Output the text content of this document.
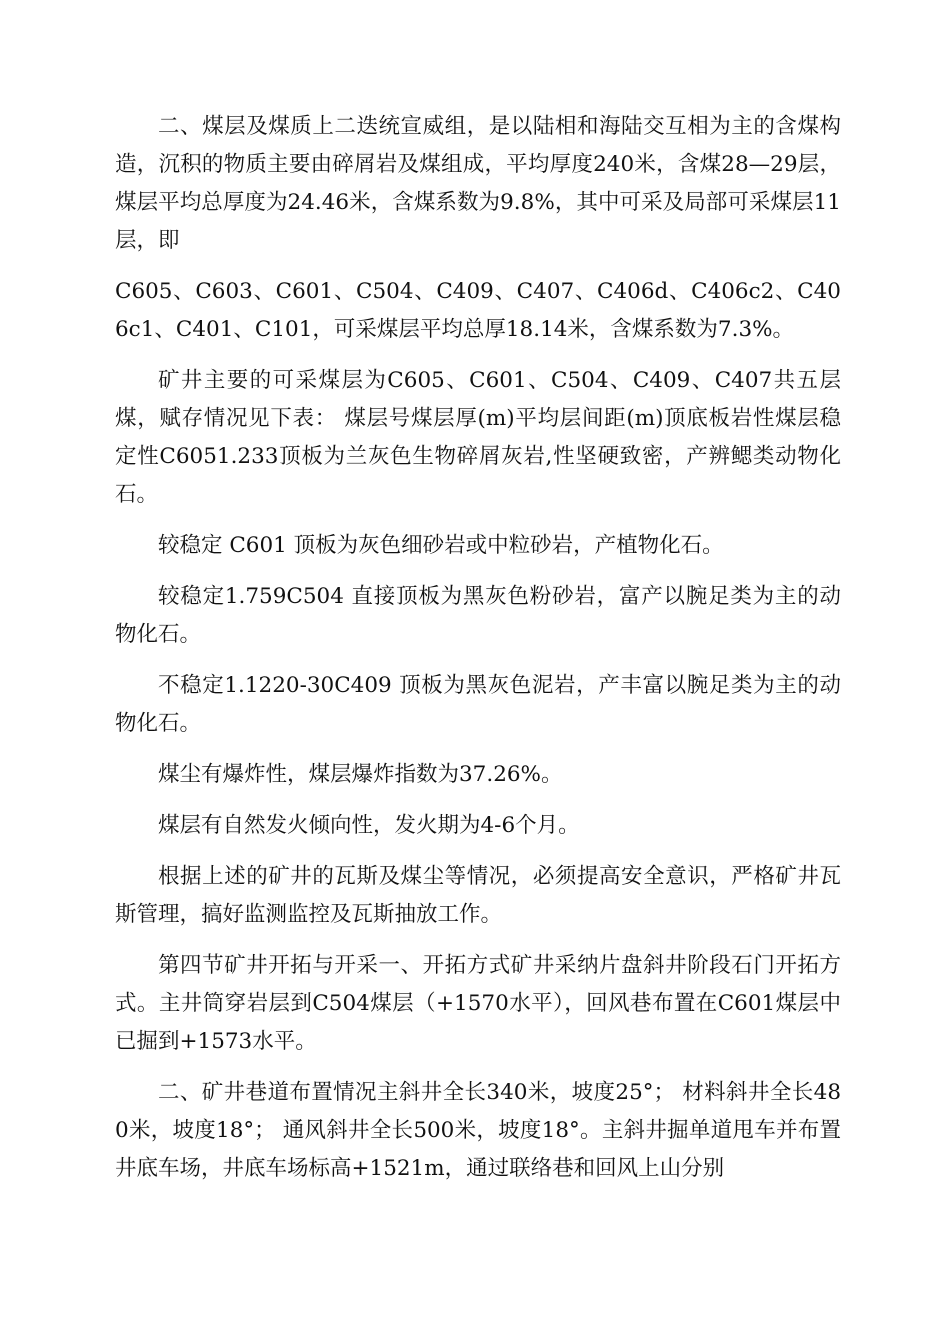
二、煤层及煤质上二迭统宣威组，是以陆相和海陆交互相为主的含煤构造，沉积的物质主要由碎屑岩及煤组成，平均厚度240米，含煤28—29层，煤层平均总厚度为24.46米，含煤系数为9.8%，其中可采及局部可采煤层11层，即

C605、C603、C601、C504、C409、C407、C406d、C406c2、C406c1、C401、C101，可采煤层平均总厚18.14米，含煤系数为7.3%。

矿井主要的可采煤层为C605、C601、C504、C409、C407共五层煤，赋存情况见下表： 煤层号煤层厚(m)平均层间距(m)顶底板岩性煤层稳定性C6051.233顶板为兰灰色生物碎屑灰岩,性坚硬致密，产辨鳃类动物化石。

较稳定 C601 顶板为灰色细砂岩或中粒砂岩，产植物化石。

较稳定1.759C504 直接顶板为黑灰色粉砂岩，富产以腕足类为主的动物化石。

不稳定1.1220-30C409 顶板为黑灰色泥岩，产丰富以腕足类为主的动物化石。

煤尘有爆炸性，煤层爆炸指数为37.26%。

煤层有自然发火倾向性，发火期为4-6个月。

根据上述的矿井的瓦斯及煤尘等情况，必须提高安全意识，严格矿井瓦斯管理，搞好监测监控及瓦斯抽放工作。

第四节矿井开拓与开采一、开拓方式矿井采纳片盘斜井阶段石门开拓方式。主井筒穿岩层到C504煤层（+1570水平），回风巷布置在C601煤层中已掘到+1573水平。

二、矿井巷道布置情况主斜井全长340米，坡度25°； 材料斜井全长480米，坡度18°； 通风斜井全长500米，坡度18°。主斜井掘单道甩车并布置井底车场，井底车场标高+1521m，通过联络巷和回风上山分别
